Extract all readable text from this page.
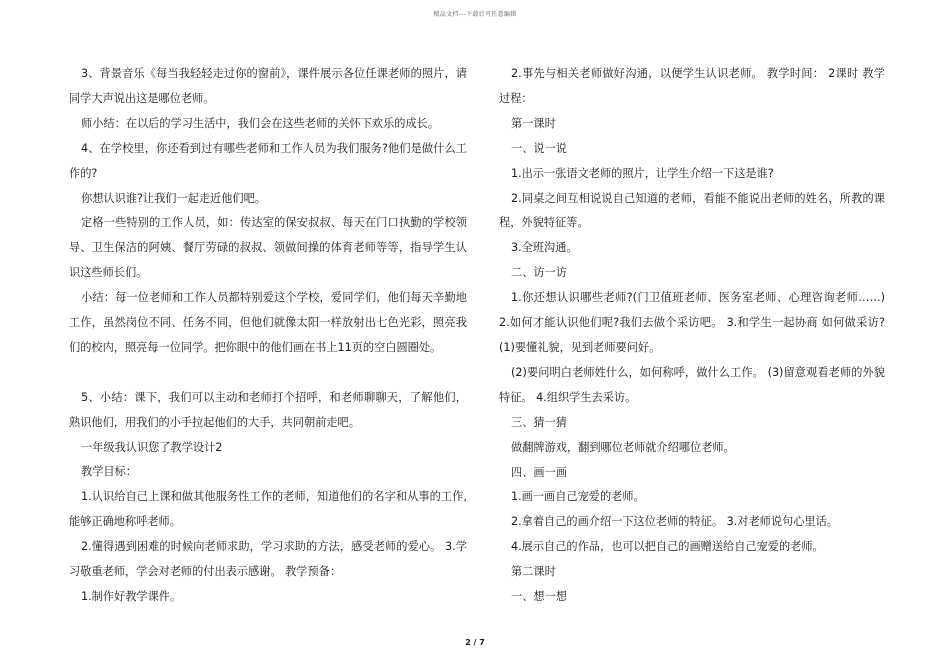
精品文档---下载后可任意编辑

3、背景音乐《每当我轻轻走过你的窗前》，课件展示各位任课老师的照片，请同学大声说出这是哪位老师。

师小结：在以后的学习生活中，我们会在这些老师的关怀下欢乐的成长。

4、在学校里，你还看到过有哪些老师和工作人员为我们服务?他们是做什么工作的?

你想认识谁?让我们一起走近他们吧。

定格一些特别的工作人员，如：传达室的保安叔叔、每天在门口执勤的学校领导、卫生保洁的阿姨、餐厅劳碌的叔叔、领做间操的体育老师等等，指导学生认识这些师长们。

小结：每一位老师和工作人员都特别爱这个学校，爱同学们，他们每天辛勤地工作，虽然岗位不同、任务不同，但他们就像太阳一样放射出七色光彩，照亮我们的校内，照亮每一位同学。把你眼中的他们画在书上11页的空白圆圈处。

5、小结：课下，我们可以主动和老师打个招呼，和老师聊聊天，了解他们，熟识他们，用我们的小手拉起他们的大手，共同朝前走吧。

一年级我认识您了教学设计2

教学目标：

1.认识给自己上课和做其他服务性工作的老师，知道他们的名字和从事的工作,能够正确地称呼老师。

2.懂得遇到困难的时候向老师求助，学习求助的方法，感受老师的爱心。 3.学习敬重老师，学会对老师的付出表示感谢。 教学预备：

1.制作好教学课件。

2.事先与相关老师做好沟通，以便学生认识老师。 教学时间： 2课时 教学过程：

第一课时

一、说一说

1.出示一张语文老师的照片，让学生介绍一下这是谁?

2.同桌之间互相说说自己知道的老师，看能不能说出老师的姓名，所教的课程，外貌特征等。

3.全班沟通。

二、访一访

1.你还想认识哪些老师?(门卫值班老师、医务室老师、心理咨询老师……) 2.如何才能认识他们呢?我们去做个采访吧。 3.和学生一起协商 如何做采访? (1)要懂礼貌，见到老师要问好。

(2)要问明白老师姓什么，如何称呼，做什么工作。 (3)留意观看老师的外貌特征。 4.组织学生去采访。

三、猜一猜

做翻牌游戏，翻到哪位老师就介绍哪位老师。

四、画一画

1.画一画自己宠爱的老师。

2.拿着自己的画介绍一下这位老师的特征。 3.对老师说句心里话。

4.展示自己的作品，也可以把自己的画赠送给自己宠爱的老师。

第二课时

一、想一想

2 / 7
